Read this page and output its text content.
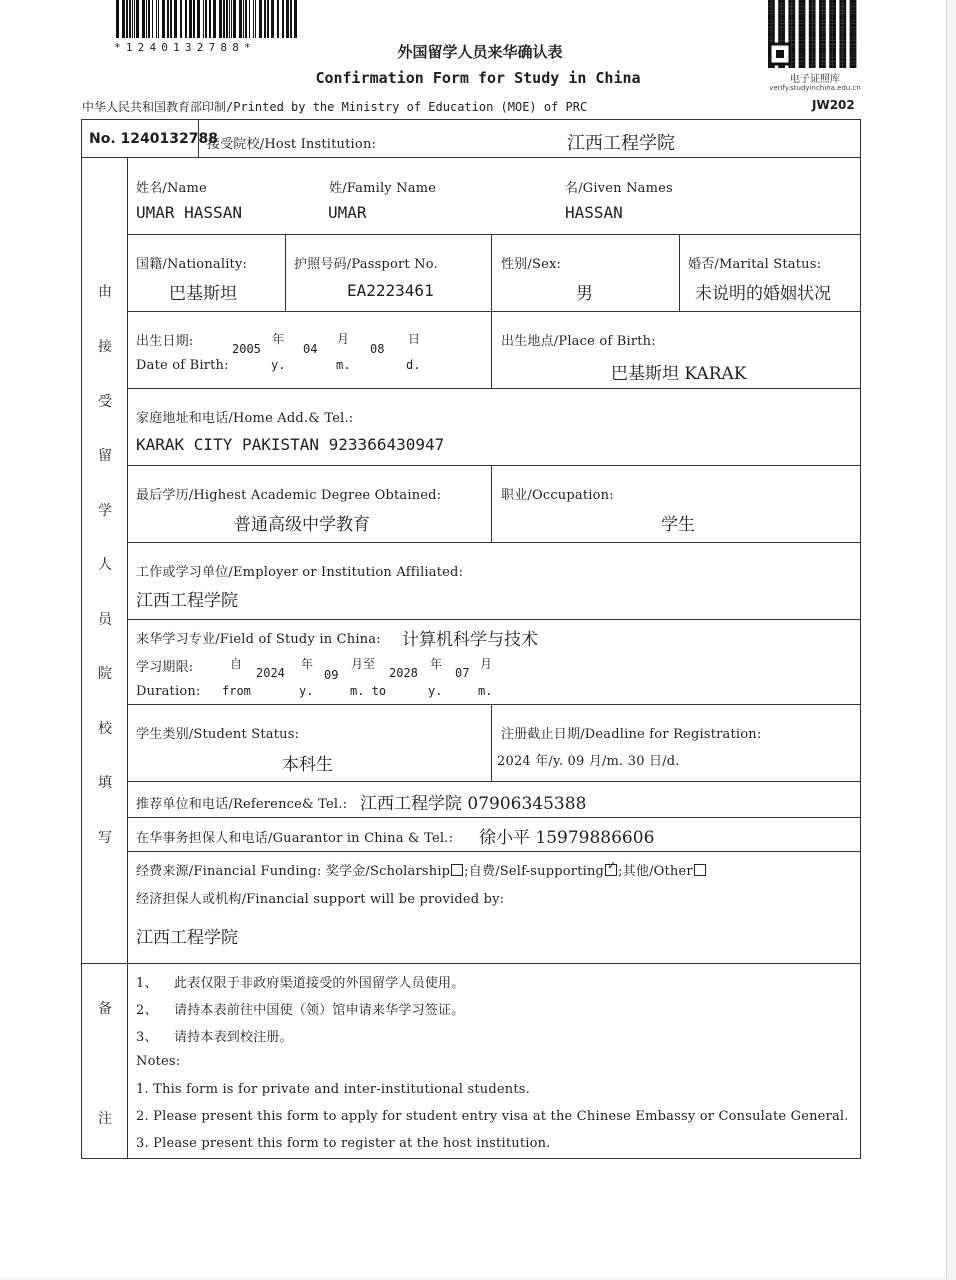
*1240132788*	外国留学人员来华确认表
Confirmation Form for Study in China
中华人民共和国教育部印制/Printed by the Ministry of Education (MOE) of PRC
电子证照库
verify.studyinchina.edu.cn
JW202
No. 1240132788
接受院校/Host Institution:	江西工程学院
由
接
受
留
学
人
员
院
校
填
写
姓名/Name	姓/Family Name	名/Given Names
UMAR HASSAN	UMAR	HASSAN
国籍/Nationality:
巴基斯坦
护照号码/Passport No.
EA2223461
性别/Sex:
男
婚否/Marital Status:
未说明的婚姻状况
出生日期:
Date of Birth:
年	月	日
2005	04	08
y.	m.	d.
出生地点/Place of Birth:
巴基斯坦 KARAK
家庭地址和电话/Home Add.& Tel.:
KARAK CITY PAKISTAN 923366430947
最后学历/Highest Academic Degree Obtained:
普通高级中学教育
职业/Occupation:
学生
工作或学习单位/Employer or Institution Affiliated:
江西工程学院
来华学习专业/Field of Study in China: 计算机科学与技术
学习期限:
Duration:
自
from
2024
年
y.
09
月至
m. to
2028
年
y.
07
月
m.
学生类别/Student Status:
本科生
注册截止日期/Deadline for Registration:
2024 年/y. 09 月/m. 30 日/d.
推荐单位和电话/Reference& Tel.: 江西工程学院 07906345388
在华事务担保人和电话/Guarantor in China & Tel.: 徐小平 15979886606
经费来源/Financial Funding: 奖学金/Scholarship ;自费/Self-supporting✓ ;其他/Other
经济担保人或机构/Financial support will be provided by:
江西工程学院
1、 此表仅限于非政府渠道接受的外国留学人员使用。
2、 请持本表前往中国使（领）馆申请来华学习签证。
3、 请持本表到校注册。
Notes:
1. This form is for private and inter-institutional students.
2. Please present this form to apply for student entry visa at the Chinese Embassy or Consulate General.
3. Please present this form to register at the host institution.
备
注
